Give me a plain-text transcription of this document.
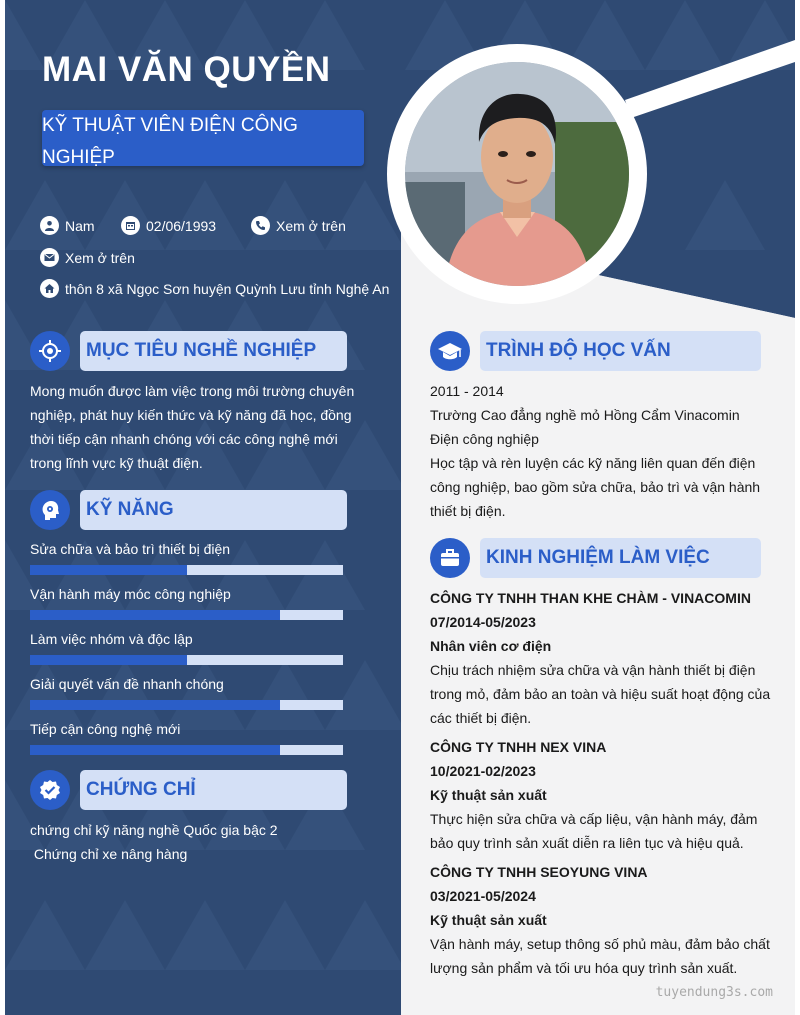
MAI VĂN QUYỀN
KỸ THUẬT VIÊN ĐIỆN CÔNG NGHIỆP
Nam	02/06/1993	Xem ở trên
Xem ở trên
thôn 8 xã Ngọc Sơn huyện Quỳnh Lưu tỉnh Nghệ An
MỤC TIÊU NGHỀ NGHIỆP
Mong muốn được làm việc trong môi trường chuyên
nghiệp, phát huy kiến thức và kỹ năng đã học, đồng
thời tiếp cận nhanh chóng với các công nghệ mới
trong lĩnh vực kỹ thuật điện.
KỸ NĂNG
Sửa chữa và bảo trì thiết bị điện
Vận hành máy móc công nghiệp
Làm việc nhóm và độc lập
Giải quyết vấn đề nhanh chóng
Tiếp cận công nghệ mới
CHỨNG CHỈ
chứng chỉ kỹ năng nghề Quốc gia bậc 2
Chứng chỉ xe nâng hàng
TRÌNH ĐỘ HỌC VẤN
2011 - 2014
Trường Cao đẳng nghề mỏ Hồng Cẩm Vinacomin
Điện công nghiệp
Học tập và rèn luyện các kỹ năng liên quan đến điện
công nghiệp, bao gồm sửa chữa, bảo trì và vận hành
thiết bị điện.
KINH NGHIỆM LÀM VIỆC
CÔNG TY TNHH THAN KHE CHÀM - VINACOMIN
07/2014-05/2023
Nhân viên cơ điện
Chịu trách nhiệm sửa chữa và vận hành thiết bị điện
trong mỏ, đảm bảo an toàn và hiệu suất hoạt động của
các thiết bị điện.
CÔNG TY TNHH NEX VINA
10/2021-02/2023
Kỹ thuật sản xuất
Thực hiện sửa chữa và cấp liệu, vận hành máy, đảm
bảo quy trình sản xuất diễn ra liên tục và hiệu quả.
CÔNG TY TNHH SEOYUNG VINA
03/2021-05/2024
Kỹ thuật sản xuất
Vận hành máy, setup thông số phủ màu, đảm bảo chất
lượng sản phẩm và tối ưu hóa quy trình sản xuất.
tuyendung3s.com
